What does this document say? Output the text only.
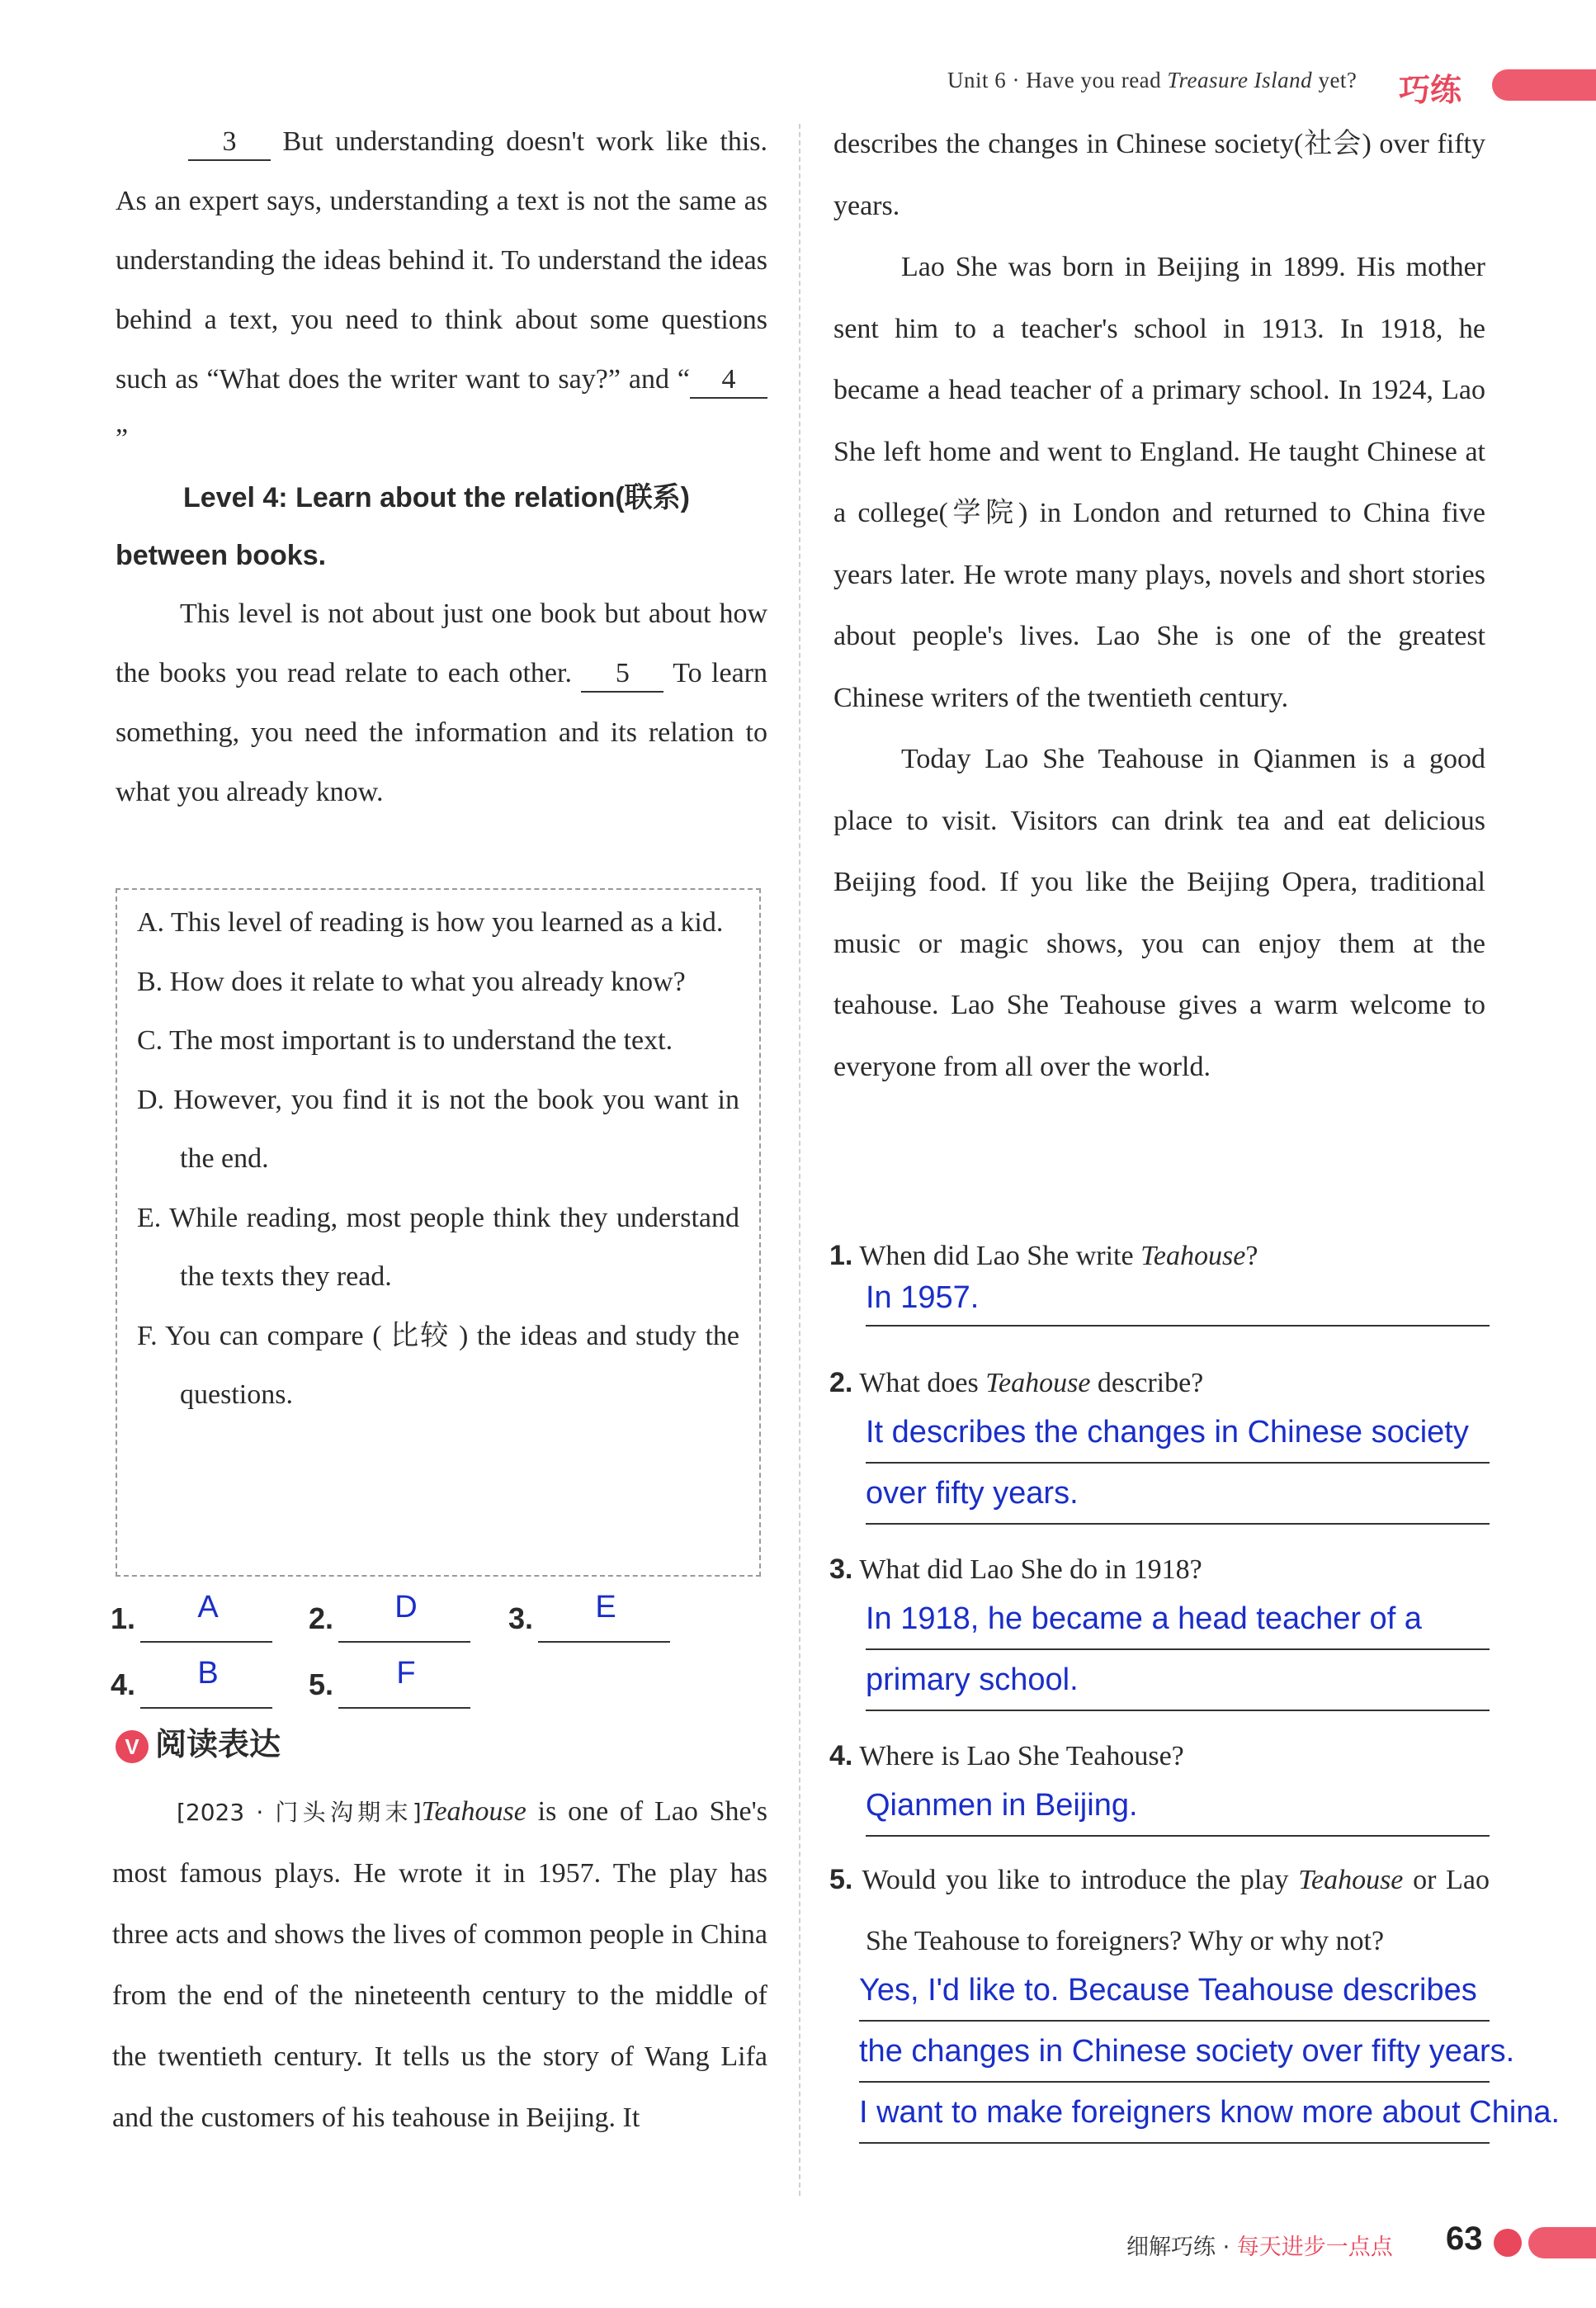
Unit 6 · Have you read Treasure Island yet? 巧练

3 But understanding doesn't work like this. As an expert says, understanding a text is not the same as understanding the ideas behind it. To understand the ideas behind a text, you need to think about some questions such as “What does the writer want to say?” and “ 4”

Level 4: Learn about the relation(联系) between books.

This level is not about just one book but about how the books you read relate to each other. 5 To learn something, you need the information and its relation to what you already know.

A. This level of reading is how you learned as a kid.
B. How does it relate to what you already know?
C. The most important is to understand the text.
D. However, you find it is not the book you want in the end.
E. While reading, most people think they understand the texts they read.
F. You can compare ( 比较 ) the ideas and study the questions.
1.	A	2.	D	3.	E
4.	B	5.	F
V 阅读表达

[2023 · 门头沟期末]Teahouse is one of Lao She's most famous plays. He wrote it in 1957. The play has three acts and shows the lives of common people in China from the end of the nineteenth century to the middle of the twentieth century. It tells us the story of Wang Lifa and the customers of his teahouse in Beijing. It

describes the changes in Chinese society(社会) over fifty years.

Lao She was born in Beijing in 1899. His mother sent him to a teacher's school in 1913. In 1918, he became a head teacher of a primary school. In 1924, Lao She left home and went to England. He taught Chinese at a college(学院) in London and returned to China five years later. He wrote many plays, novels and short stories about people's lives. Lao She is one of the greatest Chinese writers of the twentieth century.

Today Lao She Teahouse in Qianmen is a good place to visit. Visitors can drink tea and eat delicious Beijing food. If you like the Beijing Opera, traditional music or magic shows, you can enjoy them at the teahouse. Lao She Teahouse gives a warm welcome to everyone from all over the world.

1. When did Lao She write Teahouse?
In 1957.
2. What does Teahouse describe?
It describes the changes in Chinese society
over fifty years.
3. What did Lao She do in 1918?
In 1918, he became a head teacher of a
primary school.
4. Where is Lao She Teahouse?
Qianmen in Beijing.
5. Would you like to introduce the play Teahouse or Lao She Teahouse to foreigners? Why or why not?
Yes, I'd like to. Because Teahouse describes
the changes in Chinese society over fifty years.
I want to make foreigners know more about China.
细解巧练 · 每天进步一点点 63
